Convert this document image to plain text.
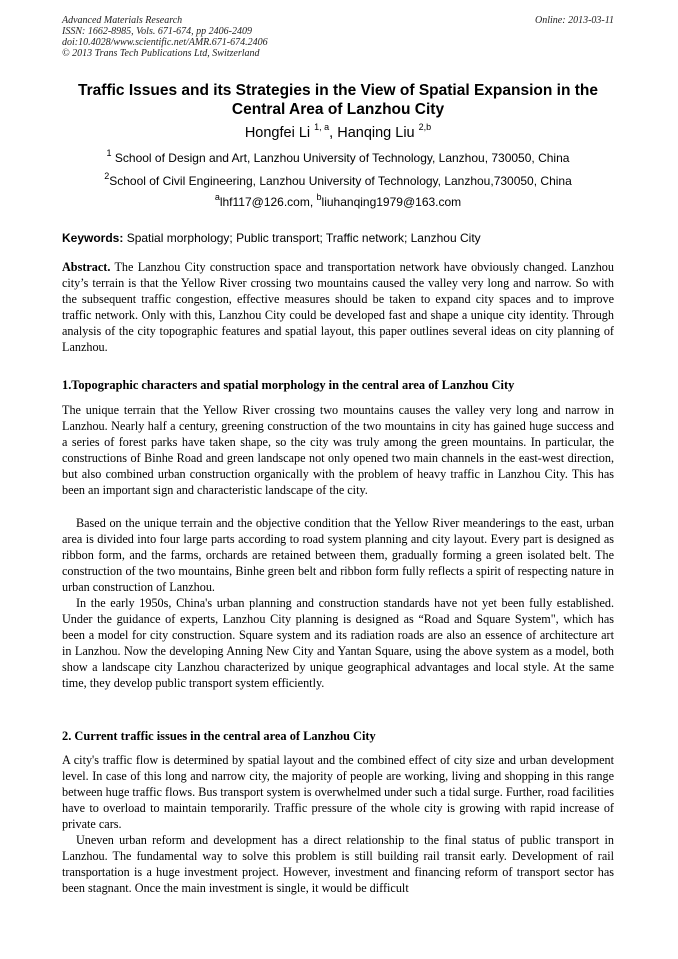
Advanced Materials Research
ISSN: 1662-8985, Vols. 671-674, pp 2406-2409
doi:10.4028/www.scientific.net/AMR.671-674.2406
© 2013 Trans Tech Publications Ltd, Switzerland
Online: 2013-03-11
Traffic Issues and its Strategies in the View of Spatial Expansion in the Central Area of Lanzhou City
Hongfei Li $^{1, a}$, Hanqing Liu $^{2,b}$
$^1$ School of Design and Art, Lanzhou University of Technology, Lanzhou, 730050, China
$^2$School of Civil Engineering, Lanzhou University of Technology, Lanzhou,730050, China
$^a$lhf117@126.com, $^b$liuhanqing1979@163.com
Keywords: Spatial morphology; Public transport; Traffic network; Lanzhou City
Abstract. The Lanzhou City construction space and transportation network have obviously changed. Lanzhou city’s terrain is that the Yellow River crossing two mountains caused the valley very long and narrow. So with the subsequent traffic congestion, effective measures should be taken to expand city spaces and to improve traffic network. Only with this, Lanzhou City could be developed fast and shape a unique city identity. Through analysis of the city topographic features and spatial layout, this paper outlines several ideas on city planning of Lanzhou.
1.Topographic characters and spatial morphology in the central area of Lanzhou City
The unique terrain that the Yellow River crossing two mountains causes the valley very long and narrow in Lanzhou. Nearly half a century, greening construction of the two mountains in city has gained huge success and a series of forest parks have taken shape, so the city was truly among the green mountains. In particular, the constructions of Binhe Road and green landscape not only opened two main channels in the east-west direction, but also combined urban construction organically with the problem of heavy traffic in Lanzhou City. This has been an important sign and characteristic landscape of the city.
Based on the unique terrain and the objective condition that the Yellow River meanderings to the east, urban area is divided into four large parts according to road system planning and city layout. Every part is designed as ribbon form, and the farms, orchards are retained between them, gradually forming a green isolated belt. The construction of the two mountains, Binhe green belt and ribbon form fully reflects a spirit of respecting nature in urban construction of Lanzhou.
In the early 1950s, China's urban planning and construction standards have not yet been fully established. Under the guidance of experts, Lanzhou City planning is designed as “Road and Square System", which has been a model for city construction. Square system and its radiation roads are also an essence of architecture art in Lanzhou. Now the developing Anning New City and Yantan Square, using the above system as a model, both show a landscape city Lanzhou characterized by unique geographical advantages and local style. At the same time, they develop public transport system efficiently.
2. Current traffic issues in the central area of Lanzhou City
A city's traffic flow is determined by spatial layout and the combined effect of city size and urban development level. In case of this long and narrow city, the majority of people are working, living and shopping in this range between huge traffic flows. Bus transport system is overwhelmed under such a tidal surge. Further, road facilities have to overload to maintain temporarily. Traffic pressure of the whole city is growing with rapid increase of private cars.
Uneven urban reform and development has a direct relationship to the final status of public transport in Lanzhou. The fundamental way to solve this problem is still building rail transit early. Development of rail transportation is a huge investment project. However, investment and financing reform of transport sector has been stagnant. Once the main investment is single, it would be difficult
